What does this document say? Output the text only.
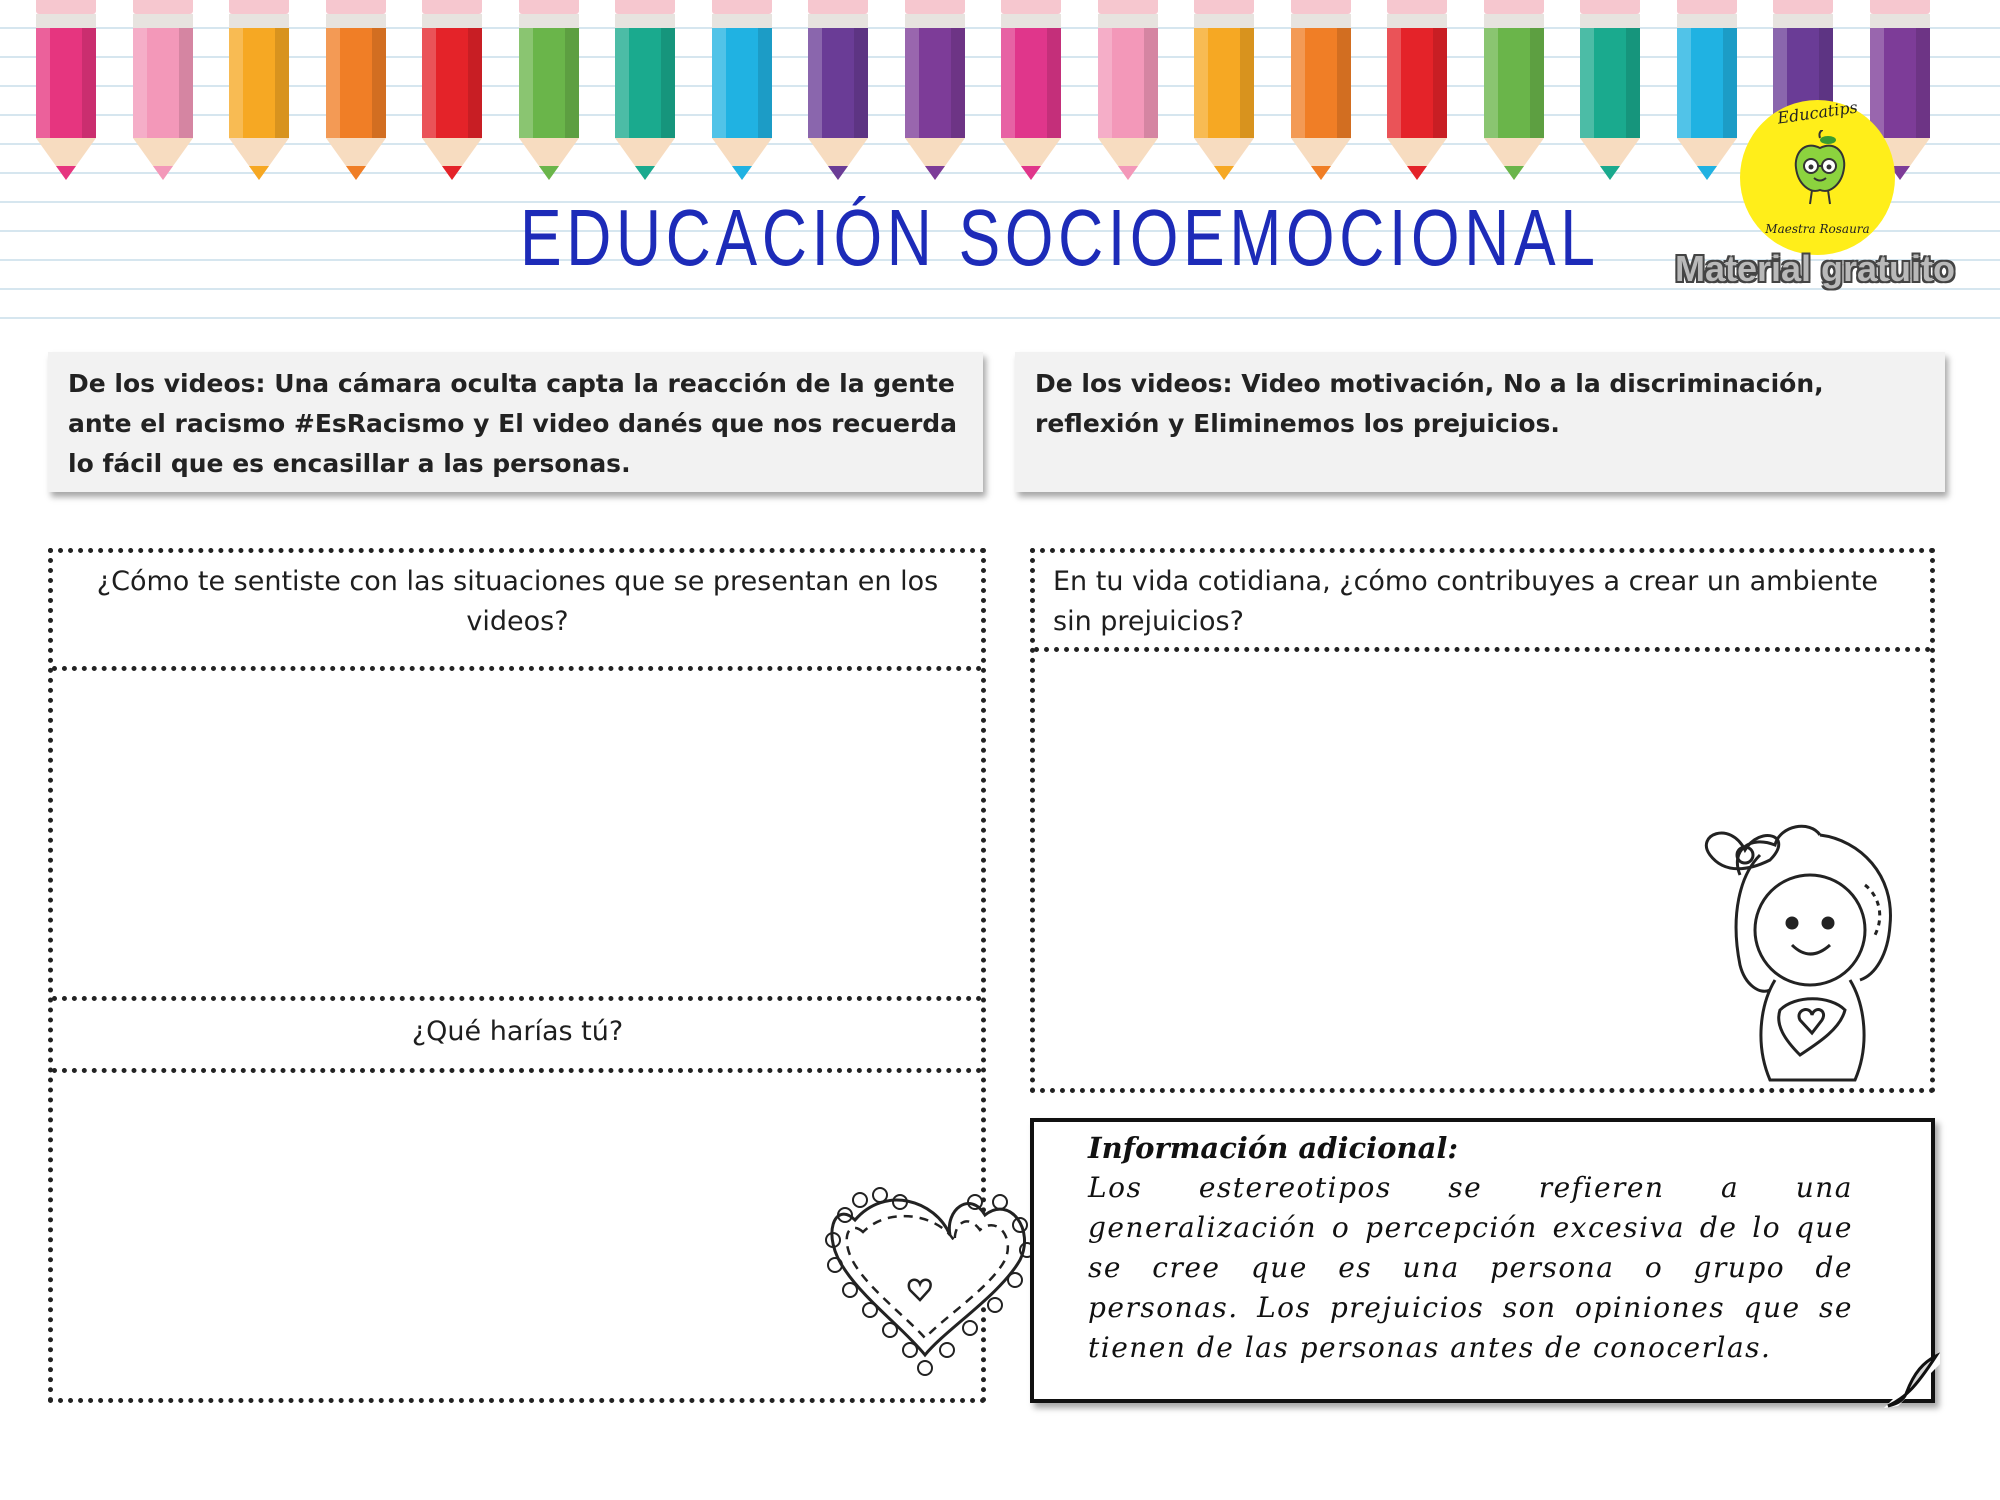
EDUCACIÓN SOCIOEMOCIONAL
Educatips
Maestra Rosaura
Material gratuito
De los videos: Una cámara oculta capta la reacción de la gente ante el racismo #EsRacismo y El video danés que nos recuerda lo fácil que es encasillar a las personas.
De los videos: Video motivación, No a la discriminación, reflexión y Eliminemos los prejuicios.
¿Cómo te sentiste con las situaciones que se presentan en los videos?
¿Qué harías tú?
En tu vida cotidiana, ¿cómo contribuyes a crear un ambiente sin prejuicios?
Información adicional:
Los estereotipos se refieren a una generalización o percepción excesiva de lo que se cree que es una persona o grupo de personas. Los prejuicios son opiniones que se tienen de las personas antes de conocerlas.
